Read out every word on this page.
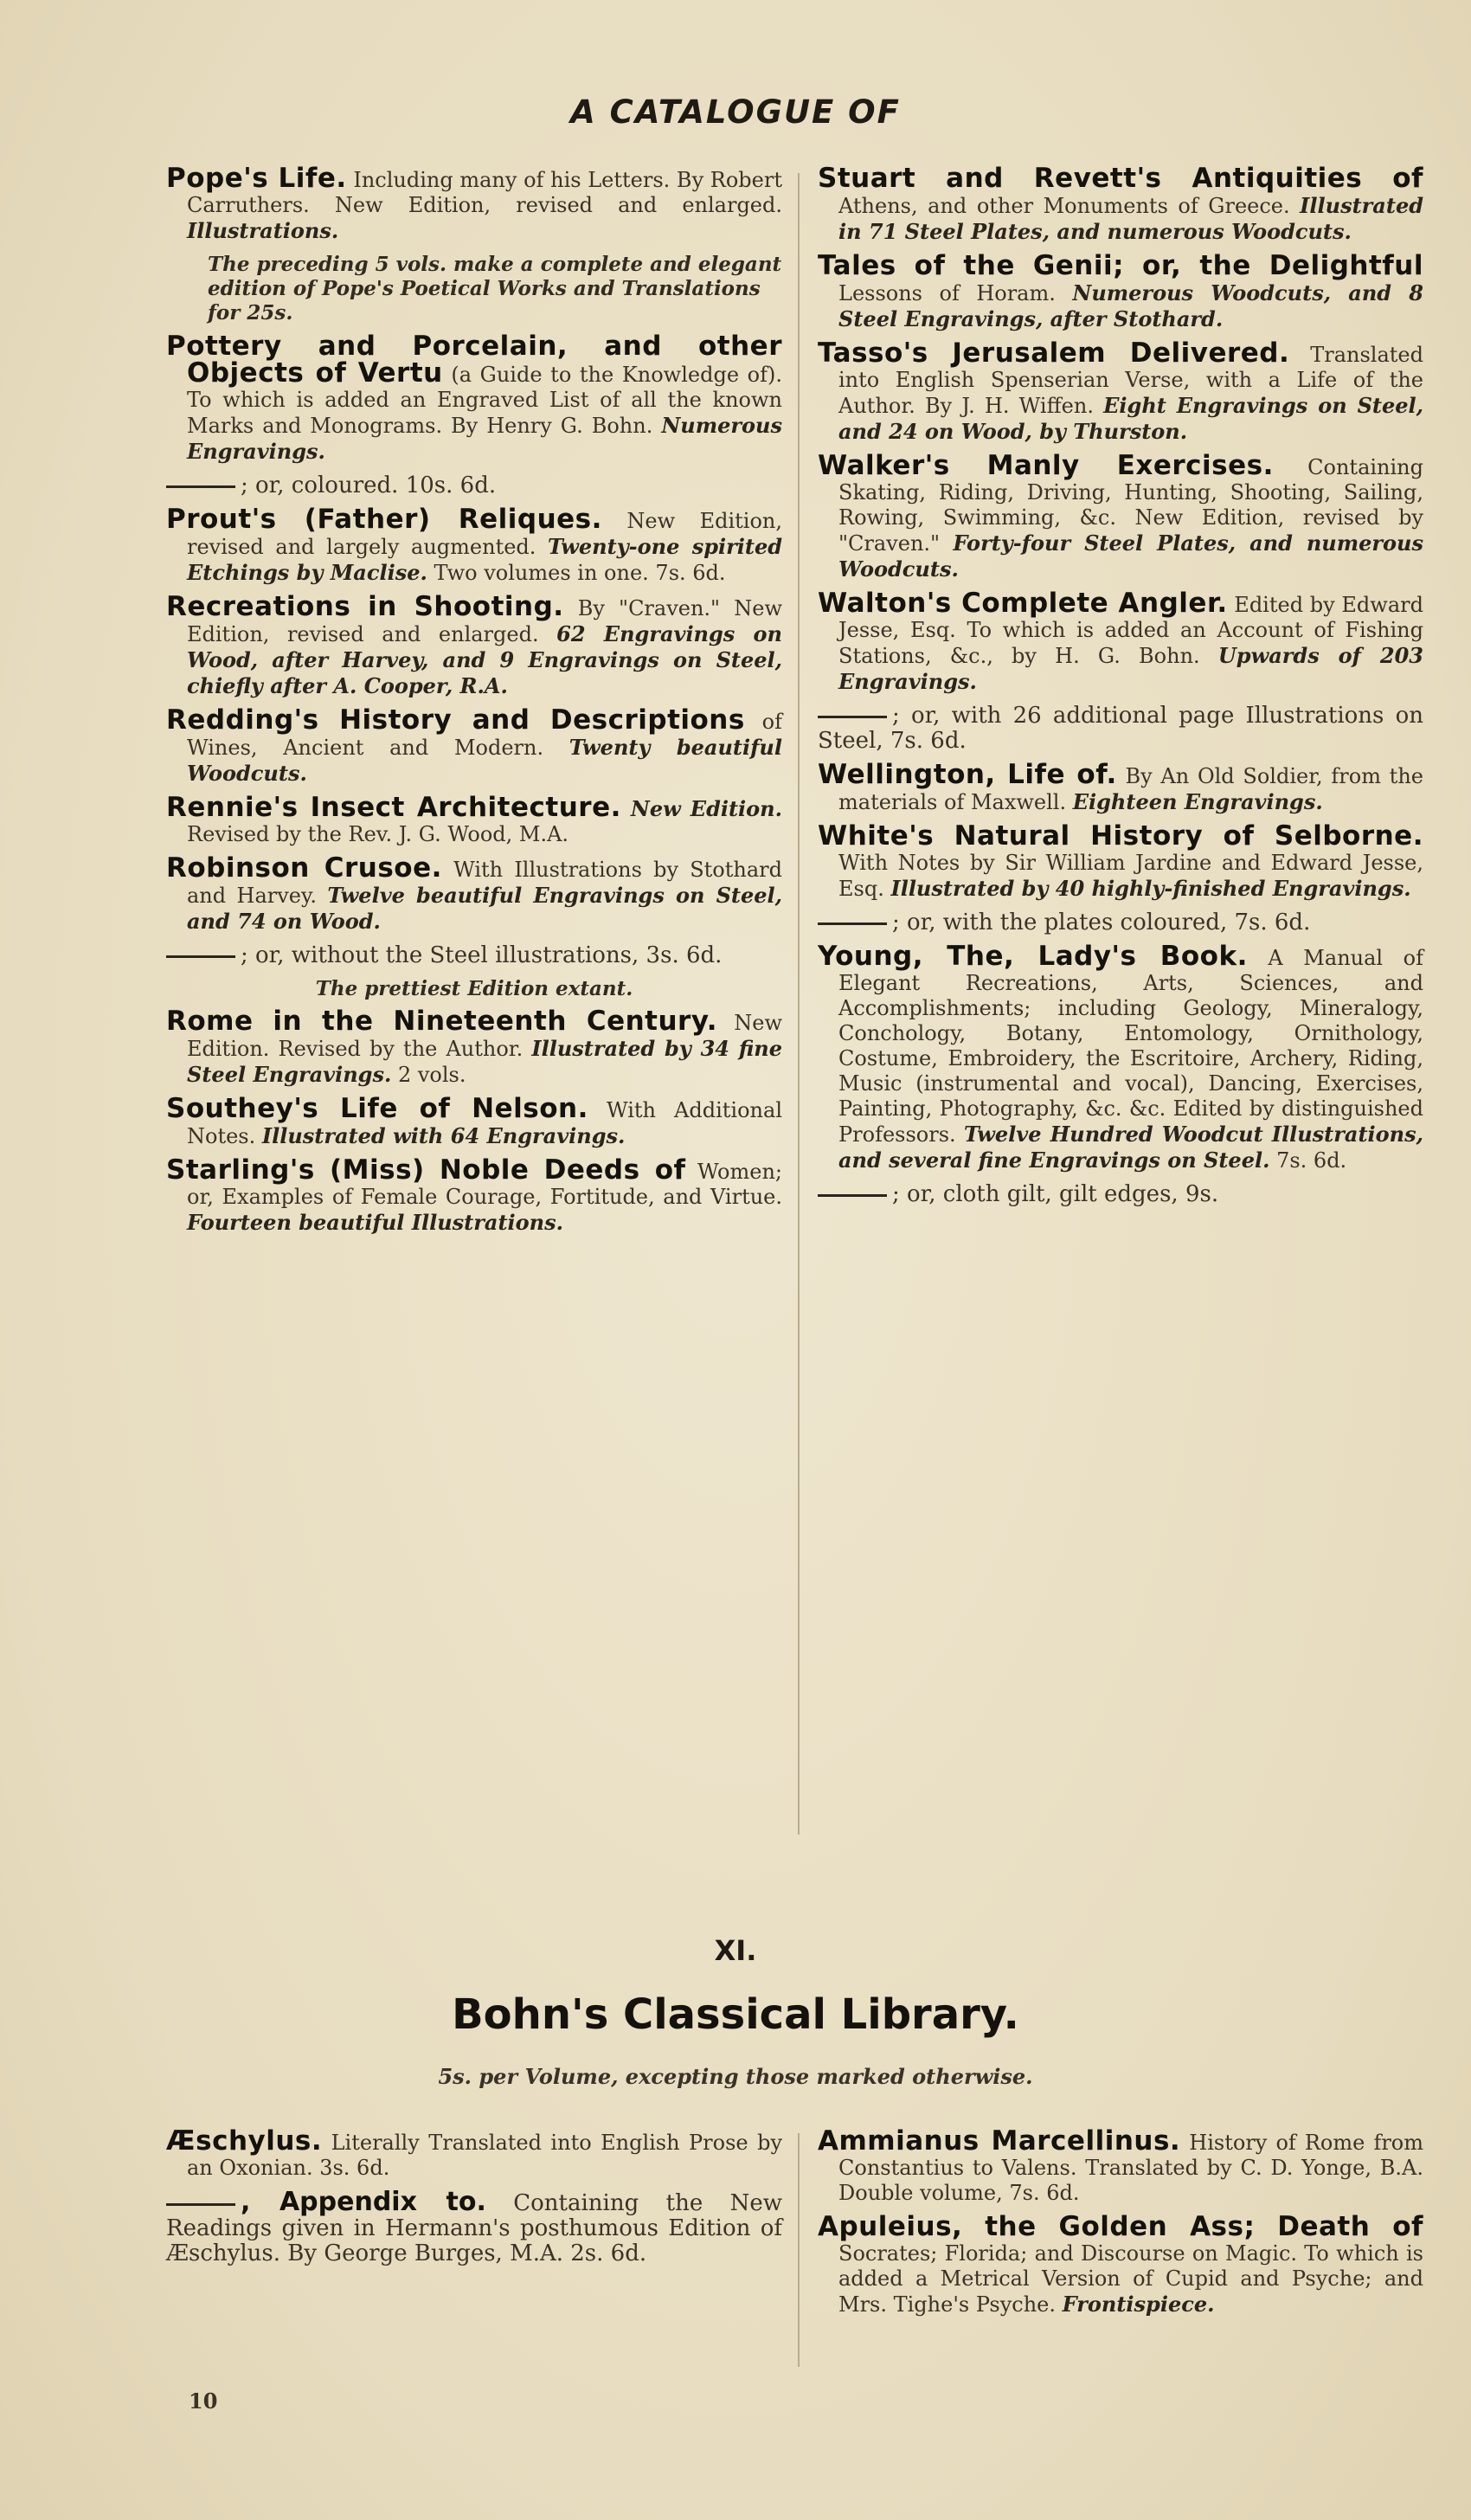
A CATALOGUE OF
Pope's Life. Including many of his Letters. By Robert Carruthers. New Edition, revised and enlarged. Illustrations.
The preceding 5 vols. make a complete and elegant edition of Pope's Poetical Works and Translations for 25s.
Pottery and Porcelain, and other Objects of Vertu (a Guide to the Knowledge of). To which is added an Engraved List of all the known Marks and Monograms. By Henry G. Bohn. Numerous Engravings.
; or, coloured. 10s. 6d.
Prout's (Father) Reliques. New Edition, revised and largely augmented. Twenty-one spirited Etchings by Maclise. Two volumes in one. 7s. 6d.
Recreations in Shooting. By "Craven." New Edition, revised and enlarged. 62 Engravings on Wood, after Harvey, and 9 Engravings on Steel, chiefly after A. Cooper, R.A.
Redding's History and Descriptions of Wines, Ancient and Modern. Twenty beautiful Woodcuts.
Rennie's Insect Architecture. New Edition. Revised by the Rev. J. G. Wood, M.A.
Robinson Crusoe. With Illustrations by Stothard and Harvey. Twelve beautiful Engravings on Steel, and 74 on Wood.
; or, without the Steel illustrations, 3s. 6d.
The prettiest Edition extant.
Rome in the Nineteenth Century. New Edition. Revised by the Author. Illustrated by 34 fine Steel Engravings. 2 vols.
Southey's Life of Nelson. With Additional Notes. Illustrated with 64 Engravings.
Starling's (Miss) Noble Deeds of Women; or, Examples of Female Courage, Fortitude, and Virtue. Fourteen beautiful Illustrations.
Stuart and Revett's Antiquities of Athens, and other Monuments of Greece. Illustrated in 71 Steel Plates, and numerous Woodcuts.
Tales of the Genii; or, the Delightful Lessons of Horam. Numerous Woodcuts, and 8 Steel Engravings, after Stothard.
Tasso's Jerusalem Delivered. Translated into English Spenserian Verse, with a Life of the Author. By J. H. Wiffen. Eight Engravings on Steel, and 24 on Wood, by Thurston.
Walker's Manly Exercises. Containing Skating, Riding, Driving, Hunting, Shooting, Sailing, Rowing, Swimming, &c. New Edition, revised by "Craven." Forty-four Steel Plates, and numerous Woodcuts.
Walton's Complete Angler. Edited by Edward Jesse, Esq. To which is added an Account of Fishing Stations, &c., by H. G. Bohn. Upwards of 203 Engravings.
; or, with 26 additional page Illustrations on Steel, 7s. 6d.
Wellington, Life of. By An Old Soldier, from the materials of Maxwell. Eighteen Engravings.
White's Natural History of Selborne. With Notes by Sir William Jardine and Edward Jesse, Esq. Illustrated by 40 highly-finished Engravings.
; or, with the plates coloured, 7s. 6d.
Young, The, Lady's Book. A Manual of Elegant Recreations, Arts, Sciences, and Accomplishments; including Geology, Mineralogy, Conchology, Botany, Entomology, Ornithology, Costume, Embroidery, the Escritoire, Archery, Riding, Music (instrumental and vocal), Dancing, Exercises, Painting, Photography, &c. &c. Edited by distinguished Professors. Twelve Hundred Woodcut Illustrations, and several fine Engravings on Steel. 7s. 6d.
; or, cloth gilt, gilt edges, 9s.
XI.
Bohn's Classical Library.
5s. per Volume, excepting those marked otherwise.
Æschylus. Literally Translated into English Prose by an Oxonian. 3s. 6d.
, Appendix to. Containing the New Readings given in Hermann's posthumous Edition of Æschylus. By George Burges, M.A. 2s. 6d.
Ammianus Marcellinus. History of Rome from Constantius to Valens. Translated by C. D. Yonge, B.A. Double volume, 7s. 6d.
Apuleius, the Golden Ass; Death of Socrates; Florida; and Discourse on Magic. To which is added a Metrical Version of Cupid and Psyche; and Mrs. Tighe's Psyche. Frontispiece.
10
